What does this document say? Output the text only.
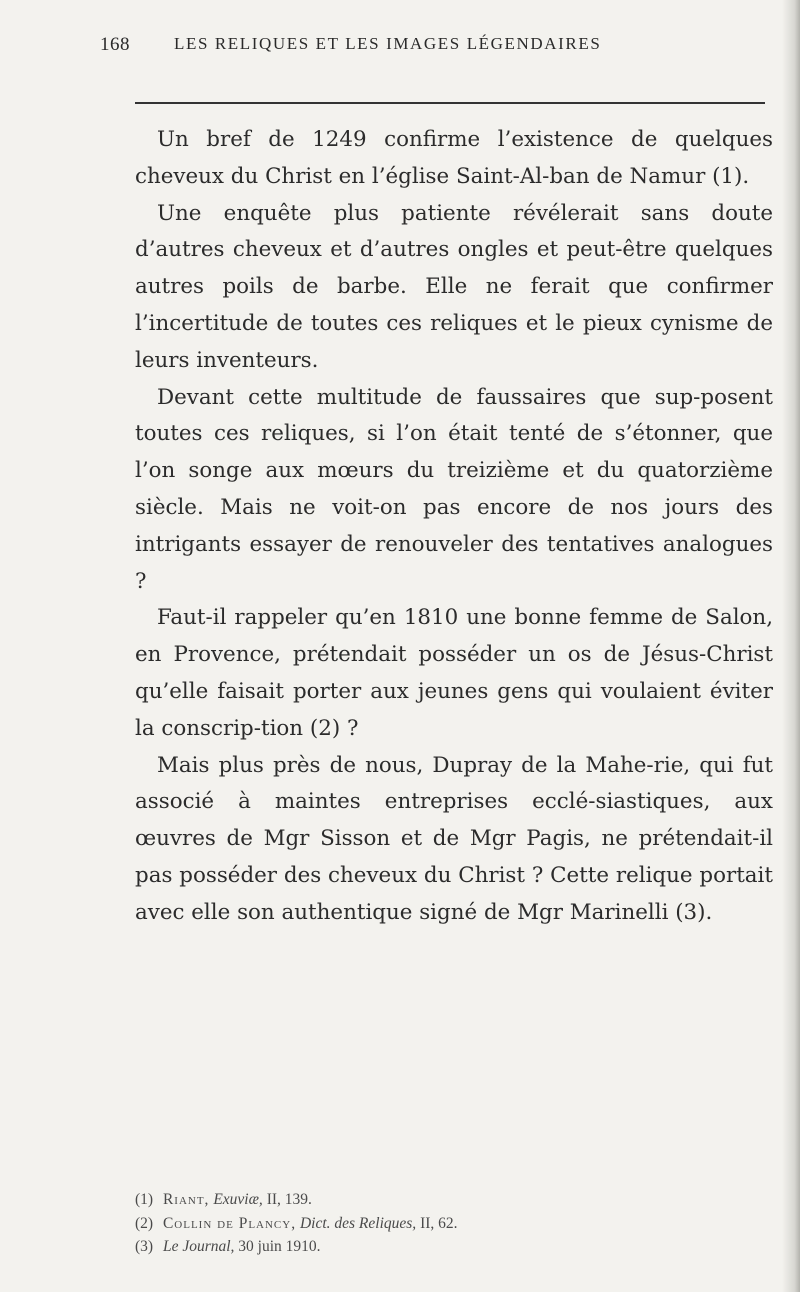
168	LES RELIQUES ET LES IMAGES LÉGENDAIRES

Un bref de 1249 confirme l’existence de quelques cheveux du Christ en l’église Saint-Al-ban de Namur (1).

Une enquête plus patiente révélerait sans doute d’autres cheveux et d’autres ongles et peut-être quelques autres poils de barbe. Elle ne ferait que confirmer l’incertitude de toutes ces reliques et le pieux cynisme de leurs inventeurs.

Devant cette multitude de faussaires que sup-posent toutes ces reliques, si l’on était tenté de s’étonner, que l’on songe aux mœurs du treizième et du quatorzième siècle. Mais ne voit-on pas encore de nos jours des intrigants essayer de renouveler des tentatives analogues ?

Faut-il rappeler qu’en 1810 une bonne femme de Salon, en Provence, prétendait posséder un os de Jésus-Christ qu’elle faisait porter aux jeunes gens qui voulaient éviter la conscrip-tion (2) ?

Mais plus près de nous, Dupray de la Mahe-rie, qui fut associé à maintes entreprises ecclé-siastiques, aux œuvres de Mgr Sisson et de Mgr Pagis, ne prétendait-il pas posséder des cheveux du Christ ? Cette relique portait avec elle son authentique signé de Mgr Marinelli (3).

(1) Riant, Exuviæ, II, 139.

(2) Collin de Plancy, Dict. des Reliques, II, 62.

(3) Le Journal, 30 juin 1910.
